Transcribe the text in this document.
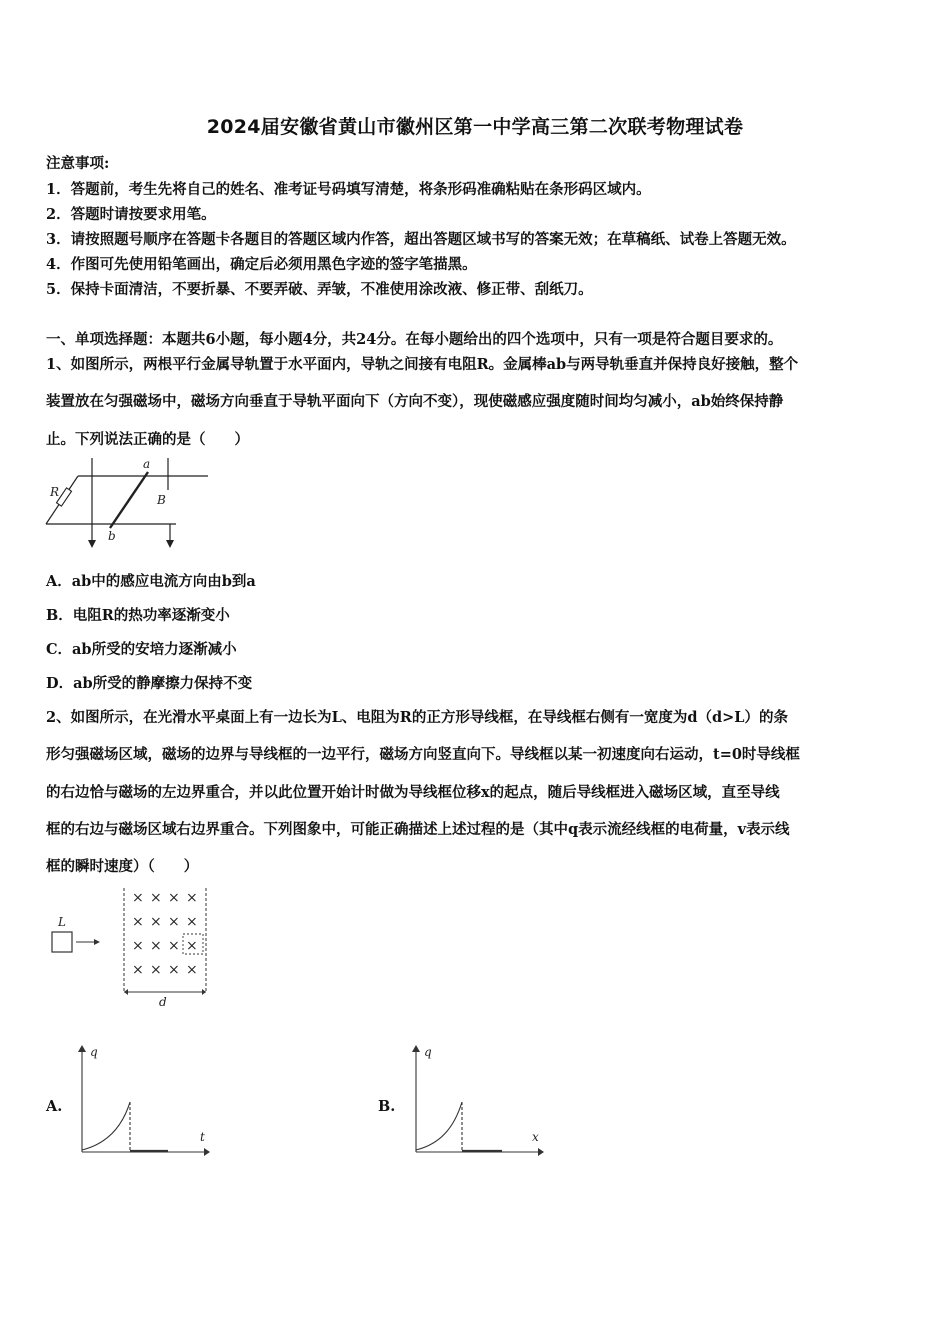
2024届安徽省黄山市徽州区第一中学高三第二次联考物理试卷
注意事项:
1．答题前，考生先将自己的姓名、准考证号码填写清楚，将条形码准确粘贴在条形码区域内。
2．答题时请按要求用笔。
3．请按照题号顺序在答题卡各题目的答题区域内作答，超出答题区域书写的答案无效；在草稿纸、试卷上答题无效。
4．作图可先使用铅笔画出，确定后必须用黑色字迹的签字笔描黑。
5．保持卡面清洁，不要折暴、不要弄破、弄皱，不准使用涂改液、修正带、刮纸刀。
一、单项选择题：本题共6小题，每小题4分，共24分。在每小题给出的四个选项中，只有一项是符合题目要求的。
1、如图所示，两根平行金属导轨置于水平面内，导轨之间接有电阻R。金属棒ab与两导轨垂直并保持良好接触，整个
装置放在匀强磁场中，磁场方向垂直于导轨平面向下（方向不变），现使磁感应强度随时间均匀减小，ab始终保持静
止。下列说法正确的是（　　）
a
b
B
R
A．ab中的感应电流方向由b到a
B．电阻R的热功率逐渐变小
C．ab所受的安培力逐渐减小
D．ab所受的静摩擦力保持不变
2、如图所示，在光滑水平桌面上有一边长为L、电阻为R的正方形导线框，在导线框右侧有一宽度为d（d>L）的条
形匀强磁场区域，磁场的边界与导线框的一边平行，磁场方向竖直向下。导线框以某一初速度向右运动，t=0时导线框
的右边恰与磁场的左边界重合，并以此位置开始计时做为导线框位移x的起点，随后导线框进入磁场区域，直至导线
框的右边与磁场区域右边界重合。下列图象中，可能正确描述上述过程的是（其中q表示流经线框的电荷量，v表示线
框的瞬时速度）（　　）
L
d
× × × ×
× × × ×
× × × ×
× × × ×
A.	B.
q
t
q
x
